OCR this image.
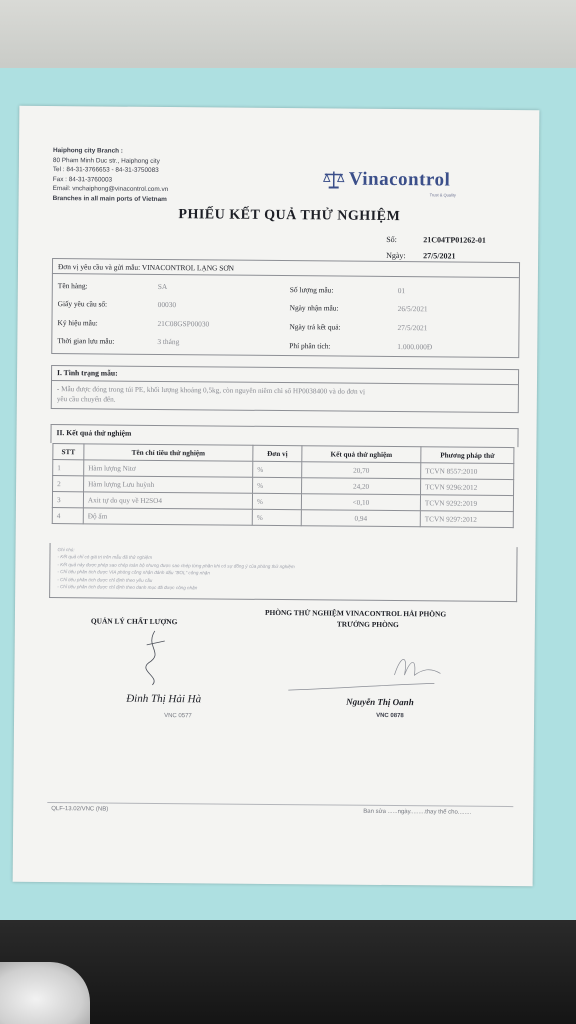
Haiphong city Branch :
80 Pham Minh Duc str., Haiphong city
Tel : 84-31-3766653 - 84-31-3750083
Fax : 84-31-3760003
Email: vnchaiphong@vinacontrol.com.vn
Branches in all main ports of Vietnam
Vinacontrol
Trust & Quality
PHIẾU KẾT QUẢ THỬ NGHIỆM
Số:	21C04TP01262-01
Ngày: 27/5/2021
Đơn vị yêu cầu và gửi mẫu: VINACONTROL LẠNG SƠN
Tên hàng:	SA
Giấy yêu cầu số:	00030
Ký hiệu mẫu:	21C08GSP00030
Thời gian lưu mẫu:	3 tháng
Số lượng mẫu:	01
Ngày nhận mẫu:	26/5/2021
Ngày trả kết quả:	27/5/2021
Phí phân tích:	1.000.000Đ
I. Tình trạng mẫu:
- Mẫu được đóng trong túi PE, khối lượng khoảng 0,5kg, còn nguyên niêm chì số HP0038400 và do đơn vị
yêu cầu chuyển đến.
II. Kết quả thử nghiệm
STT	Tên chỉ tiêu thử nghiệm	Đơn vị	Kết quả thử nghiệm	Phương pháp thử
1	Hàm lượng Nitơ	%	20,70	TCVN 8557:2010
2	Hàm lượng Lưu huỳnh	%	24,20	TCVN 9296:2012
3	Axit tự do quy về H2SO4	%	<0,10	TCVN 9292:2019
4	Độ ẩm	%	0,94	TCVN 9297:2012
Ghi chú:
- Kết quả chỉ có giá trị trên mẫu đã thử nghiệm
- Kết quả này được phép sao chép toàn bộ nhưng được sao chép từng phần khi có sự đồng ý của phòng thử nghiệm
- Chỉ tiêu phân tích được VIA phòng công nhận đánh dấu "BOL" công nhận
- Chỉ tiêu phân tích được chỉ định theo yêu cầu
- Chỉ tiêu phân tích được chỉ định theo danh mục đã được công nhận
PHÒNG THỬ NGHIỆM VINACONTROL HẢI PHÒNG
TRƯỞNG PHÒNG
QUẢN LÝ CHẤT LƯỢNG
Đinh Thị Hải Hà
VNC 0577
Nguyễn Thị Oanh
VNC 0878
QLF-13.02/VNC (NB)	Ban sửa ......ngày.........thay thế cho........
